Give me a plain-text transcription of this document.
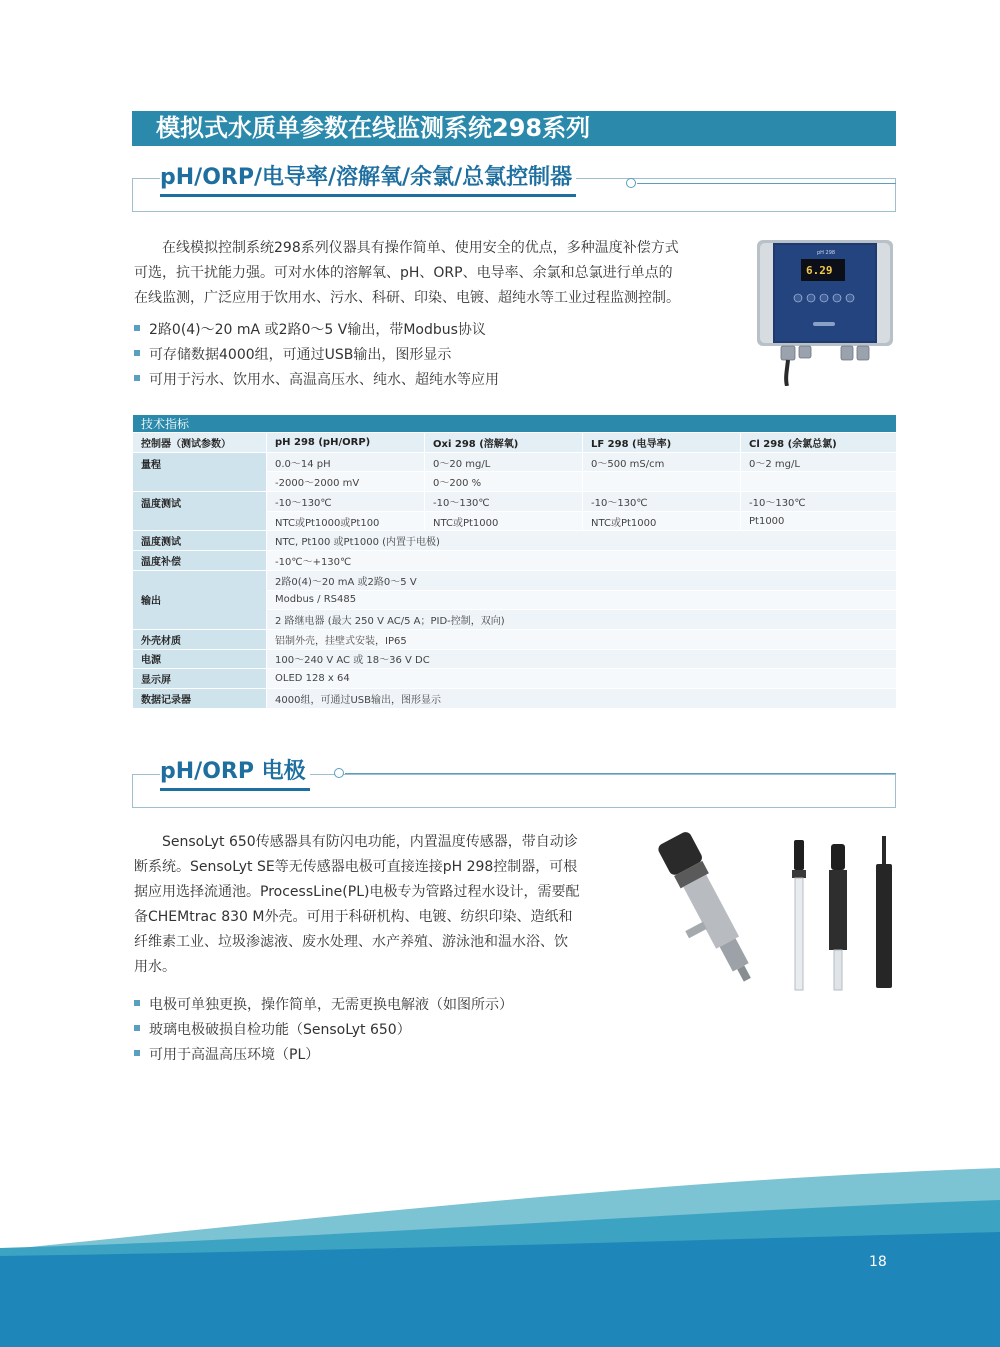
模拟式水质单参数在线监测系统298系列
pH/ORP/电导率/溶解氧/余氯/总氯控制器
在线模拟控制系统298系列仪器具有操作简单、使用安全的优点，多种温度补偿方式
可选，抗干扰能力强。可对水体的溶解氧、pH、ORP、电导率、余氯和总氯进行单点的
在线监测，广泛应用于饮用水、污水、科研、印染、电镀、超纯水等工业过程监测控制。
2路0(4)～20 mA 或2路0～5 V输出，带Modbus协议
可存储数据4000组，可通过USB输出，图形显示
可用于污水、饮用水、高温高压水、纯水、超纯水等应用
pH 298
6.29
技术指标				
控制器（测试参数）	pH 298 (pH/ORP)	Oxi 298 (溶解氧)	LF 298 (电导率)	Cl 298 (余氯总氯)
量程	0.0～14 pH	0～20 mg/L	0～500 mS/cm	0～2 mg/L
	-2000～2000 mV	0～200 %		
温度测试	-10～130℃	-10～130℃	-10～130℃	-10～130℃
	NTC或Pt1000或Pt100	NTC或Pt1000	NTC或Pt1000	Pt1000
温度测试	NTC, Pt100 或Pt1000 (内置于电极)			
温度补偿	-10℃～+130℃			
输出	2路0(4)～20 mA 或2路0～5 V			
	Modbus / RS485			
	2 路继电器 (最大 250 V AC/5 A；PID-控制，双向)			
外壳材质	铝制外壳，挂壁式安装，IP65			
电源	100～240 V AC 或 18～36 V DC			
显示屏	OLED 128 x 64			
数据记录器	4000组，可通过USB输出，图形显示			
pH/ORP 电极
SensoLyt 650传感器具有防闪电功能，内置温度传感器，带自动诊
断系统。SensoLyt SE等无传感器电极可直接连接pH 298控制器，可根
据应用选择流通池。ProcessLine(PL)电极专为管路过程水设计，需要配
备CHEMtrac 830 M外壳。可用于科研机构、电镀、纺织印染、造纸和
纤维素工业、垃圾渗滤液、废水处理、水产养殖、游泳池和温水浴、饮
用水。
电极可单独更换，操作简单，无需更换电解液（如图所示）
玻璃电极破损自检功能（SensoLyt 650）
可用于高温高压环境（PL）
18
